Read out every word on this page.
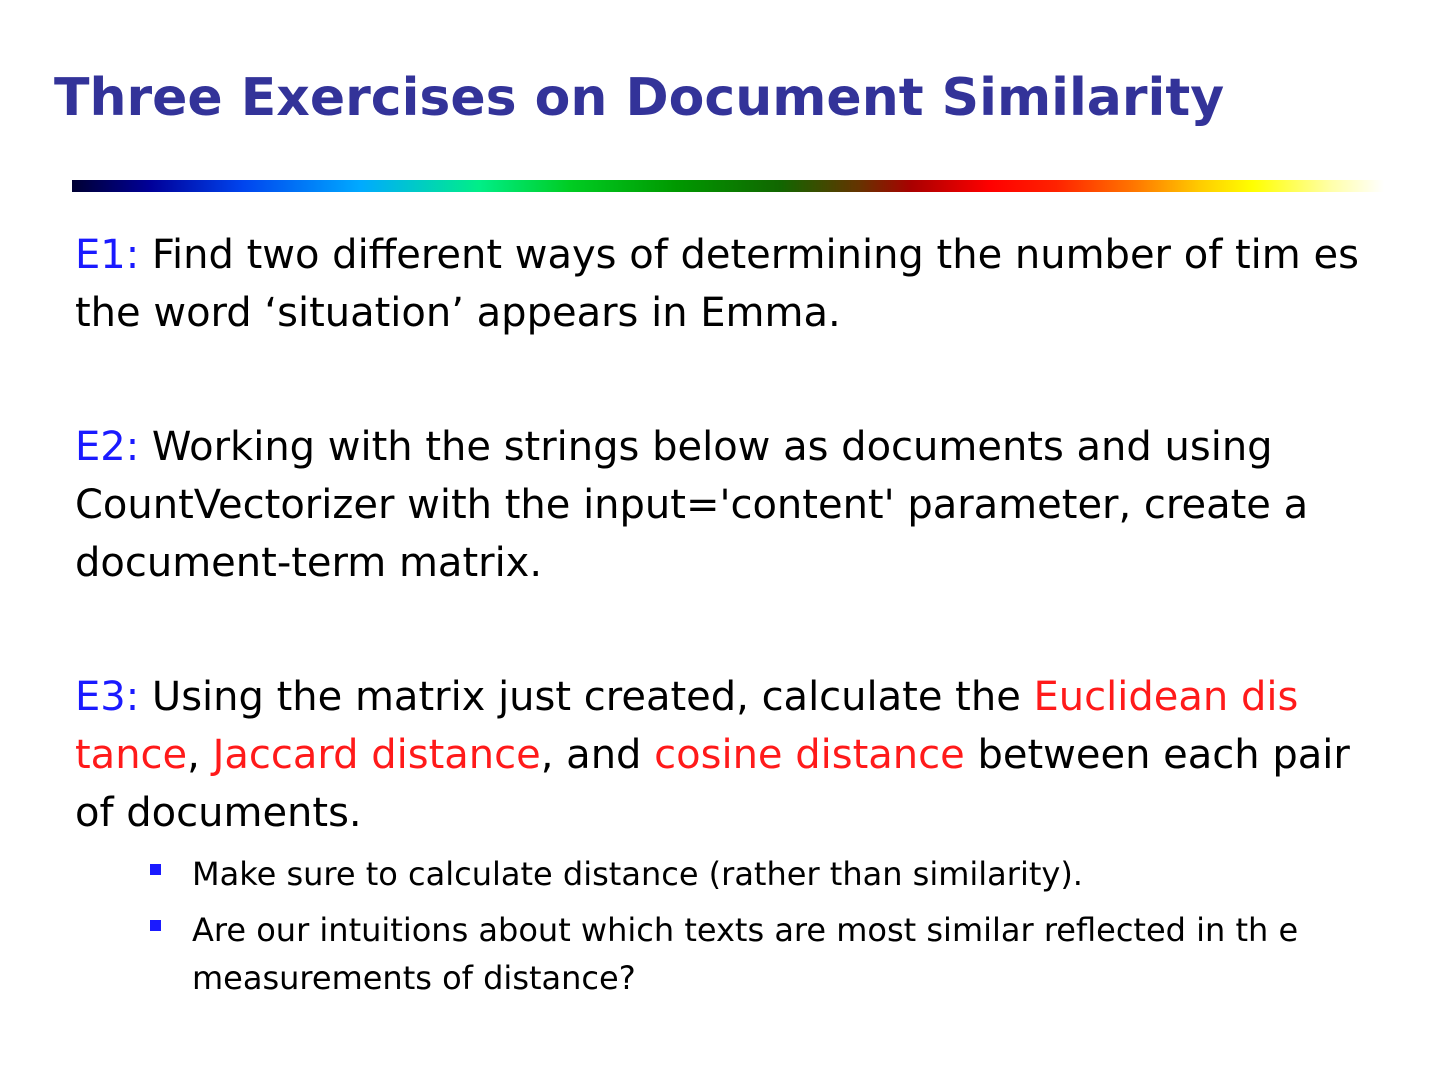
Three Exercises on Document Similarity
E1: Find two different ways of determining the number of tim es the word ‘situation’ appears in Emma.
E2: Working with the strings below as documents and using CountVectorizer with the input='content' parameter, create a document-term matrix.
E3: Using the matrix just created, calculate the Euclidean dis tance, Jaccard distance, and cosine distance between each pair of documents.
Make sure to calculate distance (rather than similarity).
Are our intuitions about which texts are most similar reflected in th e measurements of distance?
